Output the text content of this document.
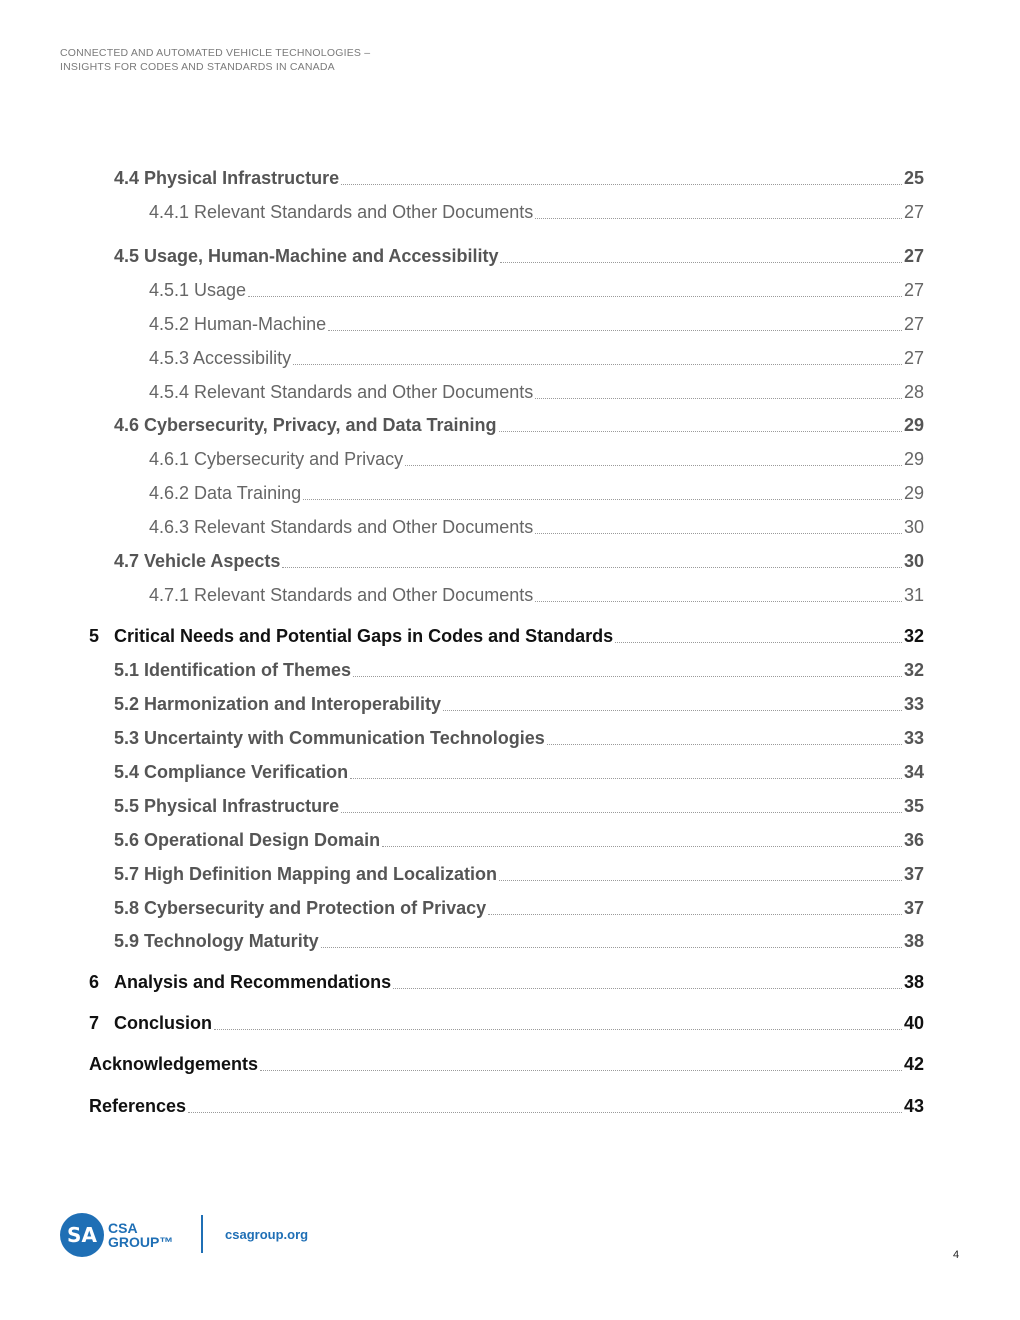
CONNECTED AND AUTOMATED VEHICLE TECHNOLOGIES –
INSIGHTS FOR CODES AND STANDARDS IN CANADA
4.4 Physical Infrastructure	25
4.4.1 Relevant Standards and Other Documents	27
4.5 Usage, Human-Machine and Accessibility	27
4.5.1 Usage	27
4.5.2 Human-Machine	27
4.5.3 Accessibility	27
4.5.4 Relevant Standards and Other Documents	28
4.6 Cybersecurity, Privacy, and Data Training	29
4.6.1 Cybersecurity and Privacy	29
4.6.2 Data Training	29
4.6.3 Relevant Standards and Other Documents	30
4.7 Vehicle Aspects	30
4.7.1 Relevant Standards and Other Documents	31
5 Critical Needs and Potential Gaps in Codes and Standards	32
5.1 Identification of Themes	32
5.2 Harmonization and Interoperability	33
5.3 Uncertainty with Communication Technologies	33
5.4 Compliance Verification	34
5.5 Physical Infrastructure	35
5.6 Operational Design Domain	36
5.7 High Definition Mapping and Localization	37
5.8 Cybersecurity and Protection of Privacy	37
5.9 Technology Maturity	38
6 Analysis and Recommendations	38
7 Conclusion	40
Acknowledgements	42
References	43
SA CSA
GROUP™	csagroup.org
4
